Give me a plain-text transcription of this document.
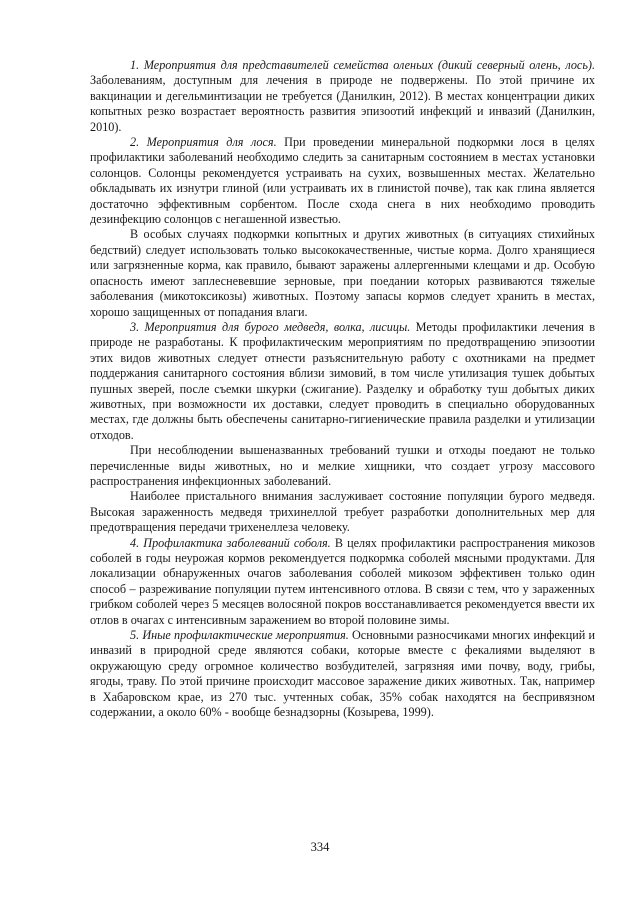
1. Мероприятия для представителей семейства оленьих (дикий северный олень, лось). Заболеваниям, доступным для лечения в природе не подвержены. По этой причине их вакцинации и дегельминтизации не требуется (Данилкин, 2012). В местах концентрации диких копытных резко возрастает вероятность развития эпизоотий инфекций и инвазий (Данилкин, 2010).

2. Мероприятия для лося. При проведении минеральной подкормки лося в целях профилактики заболеваний необходимо следить за санитарным состоянием в местах установки солонцов. Солонцы рекомендуется устраивать на сухих, возвышенных местах. Желательно обкладывать их изнутри глиной (или устраивать их в глинистой почве), так как глина является достаточно эффективным сорбентом. После схода снега в них необходимо проводить дезинфекцию солонцов с негашенной известью.

В особых случаях подкормки копытных и других животных (в ситуациях стихийных бедствий) следует использовать только высококачественные, чистые корма. Долго хранящиеся или загрязненные корма, как правило, бывают заражены аллергенными клещами и др. Особую опасность имеют заплесневевшие зерновые, при поедании которых развиваются тяжелые заболевания (микотоксикозы) животных. Поэтому запасы кормов следует хранить в местах, хорошо защищенных от попадания влаги.

3. Мероприятия для бурого медведя, волка, лисицы. Методы профилактики лечения в природе не разработаны. К профилактическим мероприятиям по предотвращению эпизоотии этих видов животных следует отнести разъяснительную работу с охотниками на предмет поддержания санитарного состояния вблизи зимовий, в том числе утилизация тушек добытых пушных зверей, после съемки шкурки (сжигание). Разделку и обработку туш добытых диких животных, при возможности их доставки, следует проводить в специально оборудованных местах, где должны быть обеспечены санитарно-гигиенические правила разделки и утилизации отходов.

При несоблюдении вышеназванных требований тушки и отходы поедают не только перечисленные виды животных, но и мелкие хищники, что создает угрозу массового распространения инфекционных заболеваний.

Наиболее пристального внимания заслуживает состояние популяции бурого медведя. Высокая зараженность медведя трихинеллой требует разработки дополнительных мер для предотвращения передачи трихенеллеза человеку.

4. Профилактика заболеваний соболя. В целях профилактики распространения микозов соболей в годы неурожая кормов рекомендуется подкормка соболей мясными продуктами. Для локализации обнаруженных очагов заболевания соболей микозом эффективен только один способ – разреживание популяции путем интенсивного отлова. В связи с тем, что у зараженных грибком соболей через 5 месяцев волосяной покров восстанавливается рекомендуется ввести их отлов в очагах с интенсивным заражением во второй половине зимы.

5. Иные профилактические мероприятия. Основными разносчиками многих инфекций и инвазий в природной среде являются собаки, которые вместе с фекалиями выделяют в окружающую среду огромное количество возбудителей, загрязняя ими почву, воду, грибы, ягоды, траву. По этой причине происходит массовое заражение диких животных. Так, например в Хабаровском крае, из 270 тыс. учтенных собак, 35% собак находятся на беспривязном содержании, а около 60% - вообще безнадзорны (Козырева, 1999).

334
